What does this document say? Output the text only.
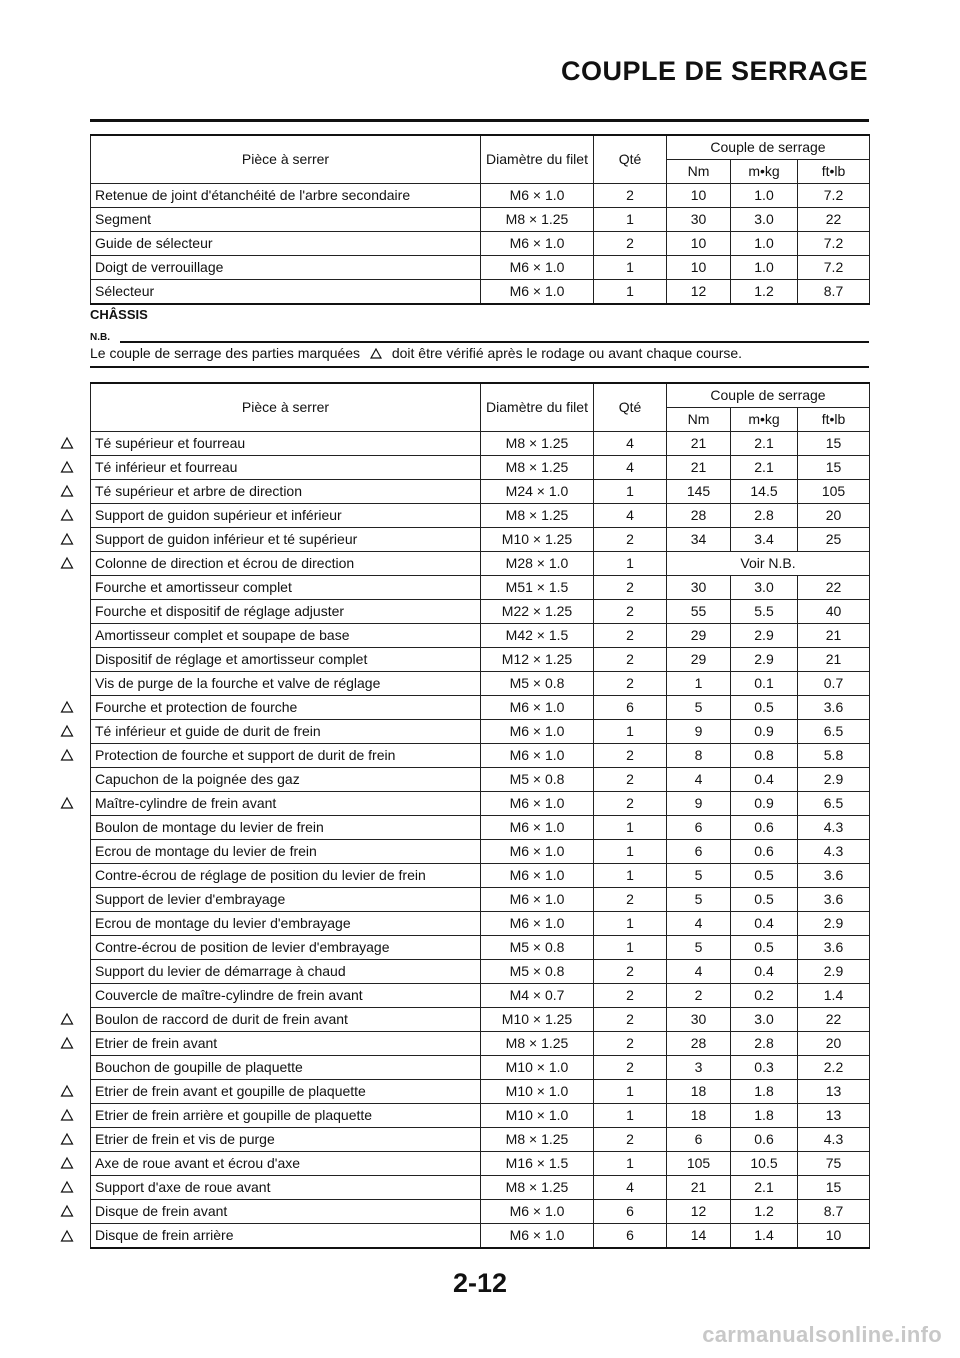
COUPLE DE SERRAGE
Pièce à serrer	Diamètre du filet	Qté	Couple de serrage		
			Nm	m•kg	ft•lb
Retenue de joint d'étanchéité de l'arbre secondaire	M6 × 1.0	2	10	1.0	7.2
Segment	M8 × 1.25	1	30	3.0	22
Guide de sélecteur	M6 × 1.0	2	10	1.0	7.2
Doigt de verrouillage	M6 × 1.0	1	10	1.0	7.2
Sélecteur	M6 × 1.0	1	12	1.2	8.7
CHÂSSIS
N.B.
Le couple de serrage des parties marquées doit être vérifié après le rodage ou avant chaque course.
Pièce à serrer	Diamètre du filet	Qté	Couple de serrage		
			Nm	m•kg	ft•lb
Té supérieur et fourreau	M8 × 1.25	4	21	2.1	15
Té inférieur et fourreau	M8 × 1.25	4	21	2.1	15
Té supérieur et arbre de direction	M24 × 1.0	1	145	14.5	105
Support de guidon supérieur et inférieur	M8 × 1.25	4	28	2.8	20
Support de guidon inférieur et té supérieur	M10 × 1.25	2	34	3.4	25
Colonne de direction et écrou de direction	M28 × 1.0	1	Voir N.B.		
Fourche et amortisseur complet	M51 × 1.5	2	30	3.0	22
Fourche et dispositif de réglage adjuster	M22 × 1.25	2	55	5.5	40
Amortisseur complet et soupape de base	M42 × 1.5	2	29	2.9	21
Dispositif de réglage et amortisseur complet	M12 × 1.25	2	29	2.9	21
Vis de purge de la fourche et valve de réglage	M5 × 0.8	2	1	0.1	0.7
Fourche et protection de fourche	M6 × 1.0	6	5	0.5	3.6
Té inférieur et guide de durit de frein	M6 × 1.0	1	9	0.9	6.5
Protection de fourche et support de durit de frein	M6 × 1.0	2	8	0.8	5.8
Capuchon de la poignée des gaz	M5 × 0.8	2	4	0.4	2.9
Maître-cylindre de frein avant	M6 × 1.0	2	9	0.9	6.5
Boulon de montage du levier de frein	M6 × 1.0	1	6	0.6	4.3
Ecrou de montage du levier de frein	M6 × 1.0	1	6	0.6	4.3
Contre-écrou de réglage de position du levier de frein	M6 × 1.0	1	5	0.5	3.6
Support de levier d'embrayage	M6 × 1.0	2	5	0.5	3.6
Ecrou de montage du levier d'embrayage	M6 × 1.0	1	4	0.4	2.9
Contre-écrou de position de levier d'embrayage	M5 × 0.8	1	5	0.5	3.6
Support du levier de démarrage à chaud	M5 × 0.8	2	4	0.4	2.9
Couvercle de maître-cylindre de frein avant	M4 × 0.7	2	2	0.2	1.4
Boulon de raccord de durit de frein avant	M10 × 1.25	2	30	3.0	22
Etrier de frein avant	M8 × 1.25	2	28	2.8	20
Bouchon de goupille de plaquette	M10 × 1.0	2	3	0.3	2.2
Etrier de frein avant et goupille de plaquette	M10 × 1.0	1	18	1.8	13
Etrier de frein arrière et goupille de plaquette	M10 × 1.0	1	18	1.8	13
Etrier de frein et vis de purge	M8 × 1.25	2	6	0.6	4.3
Axe de roue avant et écrou d'axe	M16 × 1.5	1	105	10.5	75
Support d'axe de roue avant	M8 × 1.25	4	21	2.1	15
Disque de frein avant	M6 × 1.0	6	12	1.2	8.7
Disque de frein arrière	M6 × 1.0	6	14	1.4	10
2-12
carmanualsonline.info
